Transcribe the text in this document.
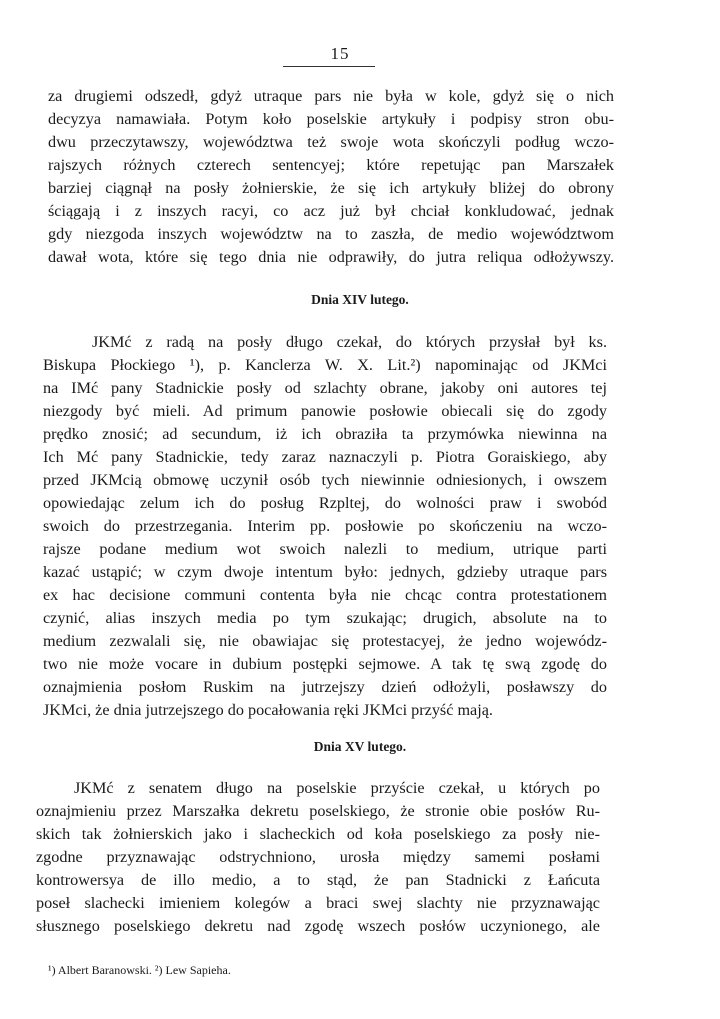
15
za drugiemi odszedł, gdyż utraque pars nie była w kole, gdyż się o nich
decyzya namawiała. Potym koło poselskie artykuły i podpisy stron obu-
dwu przeczytawszy, województwa też swoje wota skończyli podług wczo-
rajszych różnych czterech sentencyej; które repetując pan Marszałek
barziej ciągnął na posły żołnierskie, że się ich artykuły bliżej do obrony
ściągają i z inszych racyi, co acz już był chciał konkludować, jednak
gdy niezgoda inszych województw na to zaszła, de medio województwom
dawał wota, które się tego dnia nie odprawiły, do jutra reliqua odłożywszy.
Dnia XIV lutego.
JKMć z radą na posły długo czekał, do których przysłał był ks.
Biskupa Płockiego ¹), p. Kanclerza W. X. Lit.²) napominając od JKMci
na IMć pany Stadnickie posły od szlachty obrane, jakoby oni autores tej
niezgody być mieli. Ad primum panowie posłowie obiecali się do zgody
prędko znosić; ad secundum, iż ich obraziła ta przymówka niewinna na
Ich Mć pany Stadnickie, tedy zaraz naznaczyli p. Piotra Goraiskiego, aby
przed JKMcią obmowę uczynił osób tych niewinnie odniesionych, i owszem
opowiedając zelum ich do posług Rzpltej, do wolności praw i swobód
swoich do przestrzegania. Interim pp. posłowie po skończeniu na wczo-
rajsze podane medium wot swoich nalezli to medium, utrique parti
kazać ustąpić; w czym dwoje intentum było: jednych, gdzieby utraque pars
ex hac decisione communi contenta była nie chcąc contra protestationem
czynić, alias inszych media po tym szukając; drugich, absolute na to
medium zezwalali się, nie obawiajac się protestacyej, że jedno wojewódz-
two nie może vocare in dubium postępki sejmowe. A tak tę swą zgodę do
oznajmienia posłom Ruskim na jutrzejszy dzień odłożyli, posławszy do
JKMci, że dnia jutrzejszego do pocałowania ręki JKMci przyść mają.
Dnia XV lutego.
JKMć z senatem długo na poselskie przyście czekał, u których po
oznajmieniu przez Marszałka dekretu poselskiego, że stronie obie posłów Ru-
skich tak żołnierskich jako i slacheckich od koła poselskiego za posły nie-
zgodne przyznawając odstrychniono, urosła między samemi posłami
kontrowersya de illo medio, a to stąd, że pan Stadnicki z Łańcuta
poseł slachecki imieniem kolegów a braci swej slachty nie przyznawając
słusznego poselskiego dekretu nad zgodę wszech posłów uczynionego, ale
¹) Albert Baranowski. ²) Lew Sapieha.
